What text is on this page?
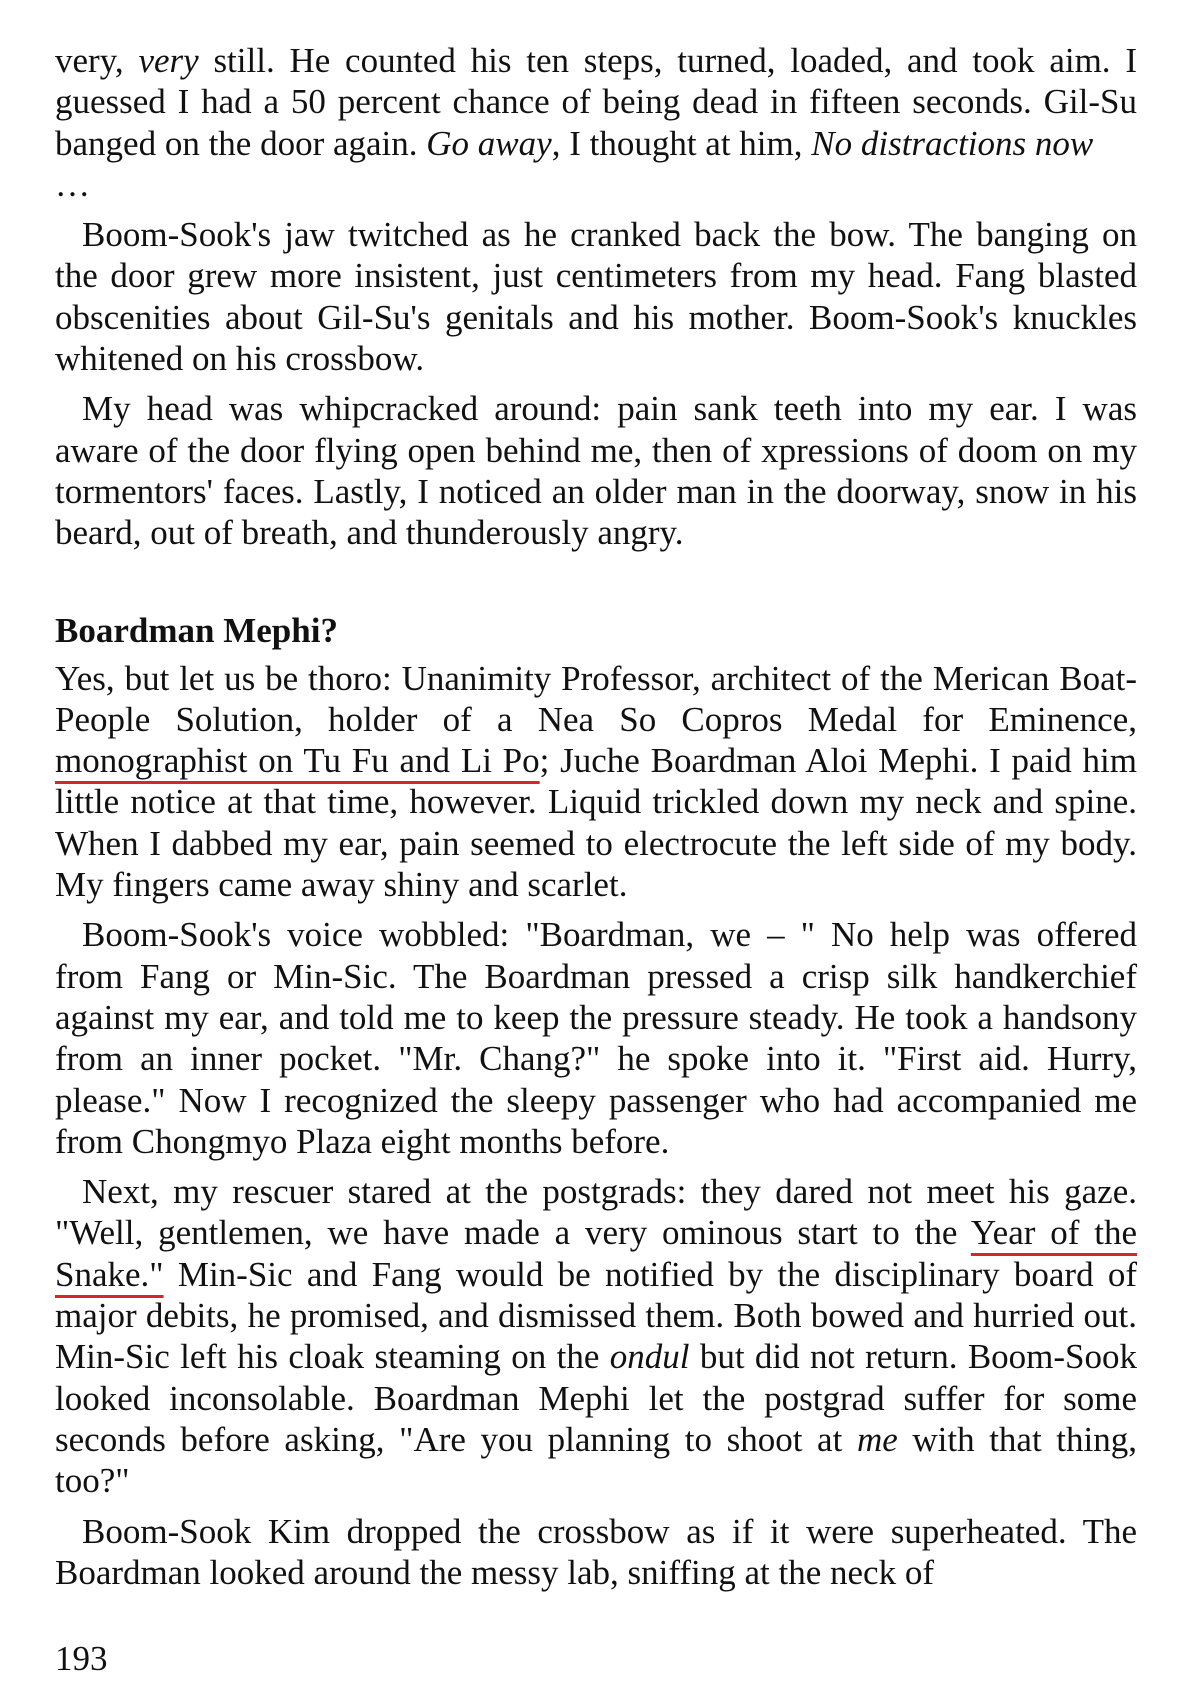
very, very still. He counted his ten steps, turned, loaded, and took aim. I guessed I had a 50 percent chance of being dead in fifteen seconds. Gil-Su banged on the door again. Go away, I thought at him, No distractions now
…

Boom-Sook's jaw twitched as he cranked back the bow. The banging on the door grew more insistent, just centimeters from my head. Fang blasted obscenities about Gil-Su's genitals and his mother. Boom-Sook's knuckles whitened on his crossbow.

My head was whipcracked around: pain sank teeth into my ear. I was aware of the door flying open behind me, then of xpressions of doom on my tormentors' faces. Lastly, I noticed an older man in the doorway, snow in his beard, out of breath, and thunderously angry.

Boardman Mephi?

Yes, but let us be thoro: Unanimity Professor, architect of the Merican Boat-People Solution, holder of a Nea So Copros Medal for Eminence, monographist on Tu Fu and Li Po; Juche Boardman Aloi Mephi. I paid him little notice at that time, however. Liquid trickled down my neck and spine. When I dabbed my ear, pain seemed to electrocute the left side of my body. My fingers came away shiny and scarlet.

Boom-Sook's voice wobbled: "Boardman, we – " No help was offered from Fang or Min-Sic. The Boardman pressed a crisp silk handkerchief against my ear, and told me to keep the pressure steady. He took a handsony from an inner pocket. "Mr. Chang?" he spoke into it. "First aid. Hurry, please." Now I recognized the sleepy passenger who had accompanied me from Chongmyo Plaza eight months before.

Next, my rescuer stared at the postgrads: they dared not meet his gaze. "Well, gentlemen, we have made a very ominous start to the Year of the Snake." Min-Sic and Fang would be notified by the disciplinary board of major debits, he promised, and dismissed them. Both bowed and hurried out. Min-Sic left his cloak steaming on the ondul but did not return. Boom-Sook looked inconsolable. Boardman Mephi let the postgrad suffer for some seconds before asking, "Are you planning to shoot at me with that thing, too?"

Boom-Sook Kim dropped the crossbow as if it were superheated. The Boardman looked around the messy lab, sniffing at the neck of

193
